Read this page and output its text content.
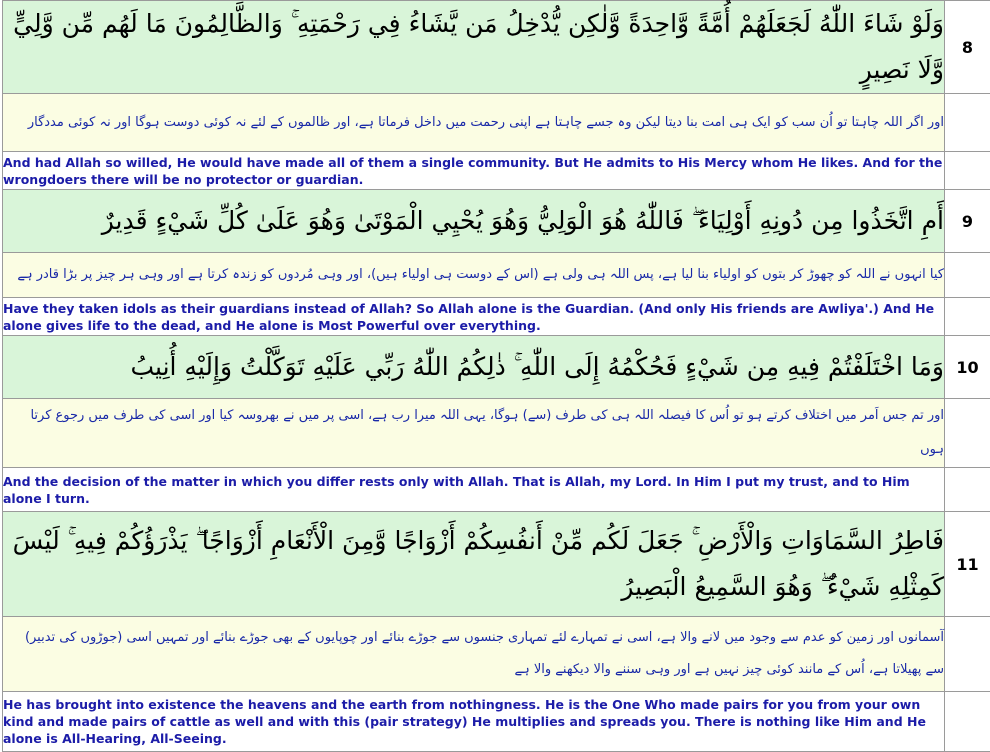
وَلَوْ شَاءَ اللّٰهُ لَجَعَلَهُمْ أُمَّةً وَّاحِدَةً وَّلٰكِن يُّدْخِلُ مَن يَّشَاءُ فِي رَحْمَتِهِ ۚ وَالظَّالِمُونَ مَا لَهُم مِّن وَّلِيٍّ وَّلَا نَصِيرٍ	8
اور اگر اللہ چاہتا تو اُن سب کو ایک ہی امت بنا دیتا لیکن وہ جسے چاہتا ہے اپنی رحمت میں داخل فرماتا ہے، اور ظالموں کے لئے نہ کوئی دوست ہوگا اور نہ کوئی مددگار	
And had Allah so willed, He would have made all of them a single community. But He admits to His Mercy whom He likes. And for the wrongdoers there will be no protector or guardian.	
أَمِ اتَّخَذُوا مِن دُونِهِ أَوْلِيَاءَ ۖ فَاللّٰهُ هُوَ الْوَلِيُّ وَهُوَ يُحْيِي الْمَوْتَىٰ وَهُوَ عَلَىٰ كُلِّ شَيْءٍ قَدِيرٌ	9
کیا انہوں نے اللہ کو چھوڑ کر بتوں کو اولیاء بنا لیا ہے، پس اللہ ہی ولی ہے (اس کے دوست ہی اولیاء ہیں)، اور وہی مُردوں کو زندہ کرتا ہے اور وہی ہر چیز پر بڑا قادر ہے	
Have they taken idols as their guardians instead of Allah? So Allah alone is the Guardian. (And only His friends are Awliya'.) And He alone gives life to the dead, and He alone is Most Powerful over everything.	
وَمَا اخْتَلَفْتُمْ فِيهِ مِن شَيْءٍ فَحُكْمُهُ إِلَى اللّٰهِ ۚ ذٰلِكُمُ اللّٰهُ رَبِّي عَلَيْهِ تَوَكَّلْتُ وَإِلَيْهِ أُنِيبُ	10
اور تم جس اَمر میں اختلاف کرتے ہو تو اُس کا فیصلہ اللہ ہی کی طرف (سے) ہوگا، یہی اللہ میرا رب ہے، اسی پر میں نے بھروسہ کیا اور اسی کی طرف میں رجوع کرتا ہوں	
And the decision of the matter in which you differ rests only with Allah. That is Allah, my Lord. In Him I put my trust, and to Him alone I turn.	
فَاطِرُ السَّمَاوَاتِ وَالْأَرْضِ ۚ جَعَلَ لَكُم مِّنْ أَنفُسِكُمْ أَزْوَاجًا وَّمِنَ الْأَنْعَامِ أَزْوَاجًا ۖ يَذْرَؤُكُمْ فِيهِ ۚ لَيْسَ كَمِثْلِهِ شَيْءٌ ۖ وَهُوَ السَّمِيعُ الْبَصِيرُ	11
آسمانوں اور زمین کو عدم سے وجود میں لانے والا ہے، اسی نے تمہارے لئے تمہاری جنسوں سے جوڑے بنائے اور چوپایوں کے بھی جوڑے بنائے اور تمہیں اسی (جوڑوں کی تدبیر) سے پھیلاتا ہے، اُس کے مانند کوئی چیز نہیں ہے اور وہی سننے والا دیکھنے والا ہے	
He has brought into existence the heavens and the earth from nothingness. He is the One Who made pairs for you from your own kind and made pairs of cattle as well and with this (pair strategy) He multiplies and spreads you. There is nothing like Him and He alone is All-Hearing, All-Seeing.	
